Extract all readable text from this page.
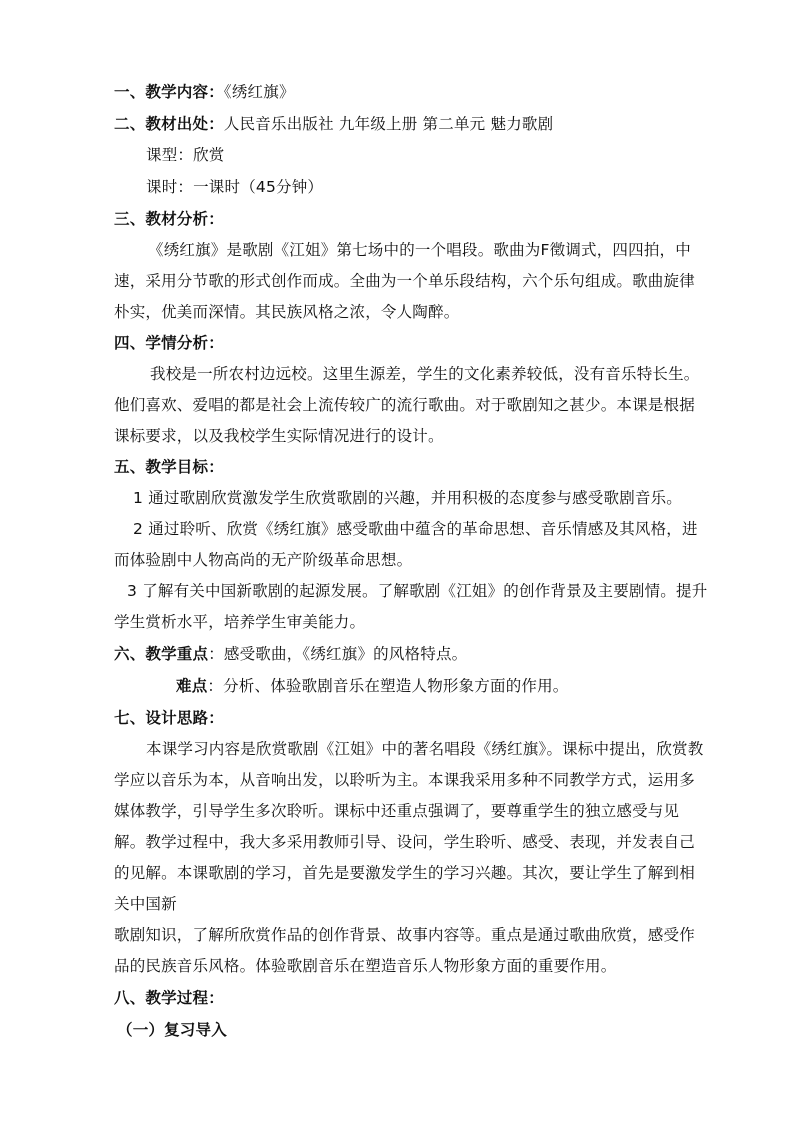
一、教学内容：《绣红旗》
二、教材出处：人民音乐出版社 九年级上册 第二单元 魅力歌剧
课型：欣赏
课时：一课时（45分钟）
三、教材分析：
《绣红旗》是歌剧《江姐》第七场中的一个唱段。歌曲为F徵调式，四四拍，中
速，采用分节歌的形式创作而成。全曲为一个单乐段结构，六个乐句组成。歌曲旋律
朴实，优美而深情。其民族风格之浓，令人陶醉。
四、学情分析：
我校是一所农村边远校。这里生源差，学生的文化素养较低，没有音乐特长生。
他们喜欢、爱唱的都是社会上流传较广的流行歌曲。对于歌剧知之甚少。本课是根据
课标要求，以及我校学生实际情况进行的设计。
五、教学目标：
1 通过歌剧欣赏激发学生欣赏歌剧的兴趣，并用积极的态度参与感受歌剧音乐。
2 通过聆听、欣赏《绣红旗》感受歌曲中蕴含的革命思想、音乐情感及其风格，进
而体验剧中人物高尚的无产阶级革命思想。
3 了解有关中国新歌剧的起源发展。了解歌剧《江姐》的创作背景及主要剧情。提升
学生赏析水平，培养学生审美能力。
六、教学重点：感受歌曲，《绣红旗》的风格特点。
难点：分析、体验歌剧音乐在塑造人物形象方面的作用。
七、设计思路：
本课学习内容是欣赏歌剧《江姐》中的著名唱段《绣红旗》。课标中提出，欣赏教
学应以音乐为本，从音响出发，以聆听为主。本课我采用多种不同教学方式，运用多
媒体教学，引导学生多次聆听。课标中还重点强调了，要尊重学生的独立感受与见
解。教学过程中，我大多采用教师引导、设问，学生聆听、感受、表现，并发表自己
的见解。本课歌剧的学习，首先是要激发学生的学习兴趣。其次，要让学生了解到相
关中国新
歌剧知识，了解所欣赏作品的创作背景、故事内容等。重点是通过歌曲欣赏，感受作
品的民族音乐风格。体验歌剧音乐在塑造音乐人物形象方面的重要作用。
八、教学过程：
（一）复习导入
